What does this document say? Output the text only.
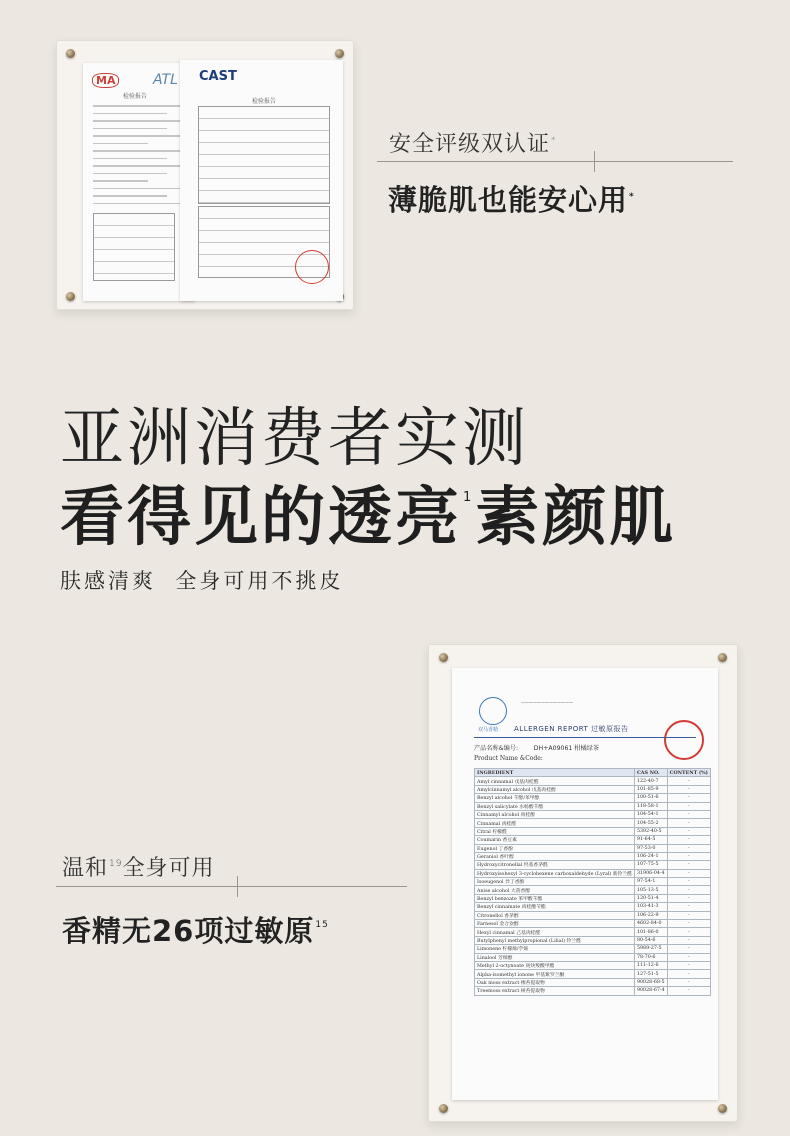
MA	ATL
检验报告
CAST
检验报告
安全评级双认证*
薄脆肌也能安心用*
亚洲消费者实测
看得见的透亮$^1$素颜肌
肤感清爽  全身可用不挑皮
双马香精
—————————————
ALLERGEN REPORT 过敏原报告
产品名称&编号:	DH+A09061 柑橘绿茶
Product Name &Code:
INGREDIENT	CAS NO.	CONTENT (%)
Amyl cinnamal 戊基肉桂醛	122-40-7	-
Amylcinnamyl alcohol 戊基肉桂醇	101-85-9	-
Benzyl alcohol 苄醇/苯甲醇	100-51-6	-
Benzyl salicylate 水杨酸苄酯	118-58-1	-
Cinnamyl alcohol 肉桂醇	104-54-1	-
Cinnamal 肉桂醛	104-55-2	-
Citral 柠檬醛	5392-40-5	-
Coumarin 香豆素	91-64-5	-
Eugenol 丁香酚	97-53-0	-
Geraniol 香叶醇	106-24-1	-
Hydroxycitronellal 羟基香茅醛	107-75-5	-
Hydroxyisohexyl 3-cyclohexene carboxaldehyde (Lyral) 新铃兰醛	31906-04-4	-
Isoeugenol 异丁香酚	97-54-1	-
Anise alcohol 大茴香醇	105-13-5	-
Benzyl benzoate 苯甲酸苄酯	120-51-4	-
Benzyl cinnamate 肉桂酸苄酯	103-41-3	-
Citronellol 香茅醇	106-22-9	-
Farnesol 金合欢醇	4602-84-0	-
Hexyl cinnamal 己基肉桂醛	101-86-0	-
Butylphenyl methylpropional (Lilial) 铃兰醛	80-54-6	-
Limonene 柠檬烯/苧烯	5989-27-5	-
Linalool 芳樟醇	78-70-6	-
Methyl 2-octynoate 庚炔羧酸甲酯	111-12-6	-
Alpha-isomethyl ionone 甲基紫罗兰酮	127-51-5	-
Oak moss extract 橡苔提取物	90028-68-5	-
Treemoss extract 树苔提取物	90028-67-4	-
温和$^{19}$全身可用
香精无26项过敏原$^{15}$
